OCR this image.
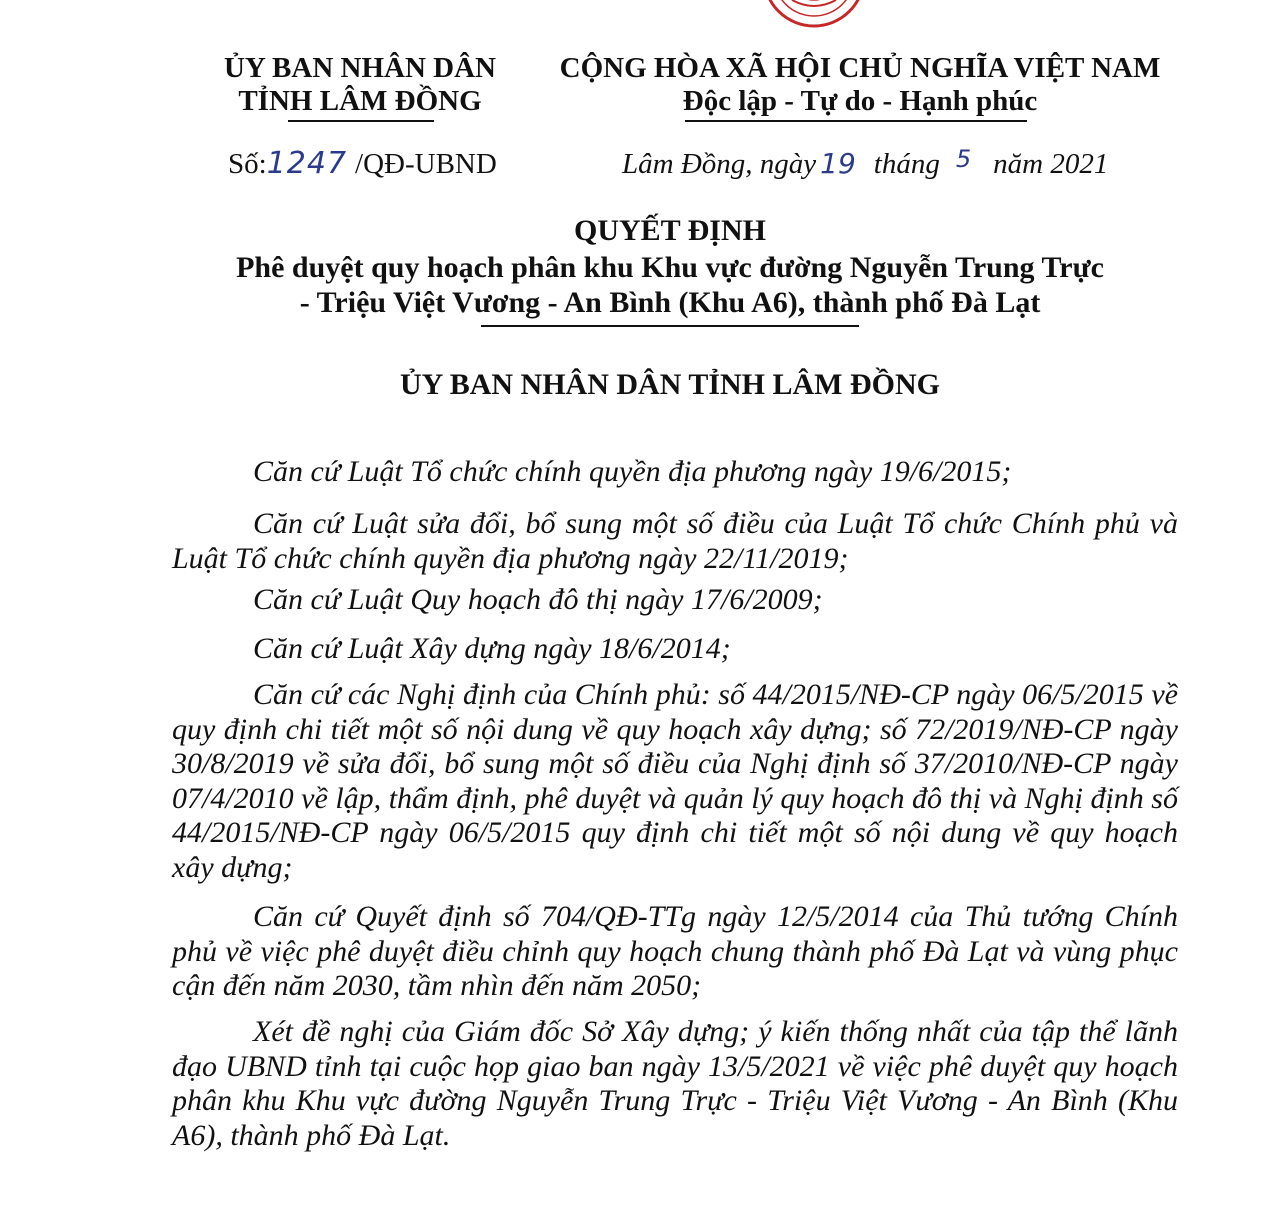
ỦY BAN NHÂN DÂN
TỈNH LÂM ĐỒNG
CỘNG HÒA XÃ HỘI CHỦ NGHĨA VIỆT NAM
Độc lập - Tự do - Hạnh phúc
Số:1247 /QĐ-UBND	Lâm Đồng, ngày 19 tháng $^5$ năm 2021
QUYẾT ĐỊNH
Phê duyệt quy hoạch phân khu Khu vực đường Nguyễn Trung Trực
- Triệu Việt Vương - An Bình (Khu A6), thành phố Đà Lạt
ỦY BAN NHÂN DÂN TỈNH LÂM ĐỒNG
Căn cứ Luật Tổ chức chính quyền địa phương ngày 19/6/2015;
Căn cứ Luật sửa đổi, bổ sung một số điều của Luật Tổ chức Chính phủ và Luật Tổ chức chính quyền địa phương ngày 22/11/2019;
Căn cứ Luật Quy hoạch đô thị ngày 17/6/2009;
Căn cứ Luật Xây dựng ngày 18/6/2014;
Căn cứ các Nghị định của Chính phủ: số 44/2015/NĐ-CP ngày 06/5/2015 về quy định chi tiết một số nội dung về quy hoạch xây dựng; số 72/2019/NĐ-CP ngày 30/8/2019 về sửa đổi, bổ sung một số điều của Nghị định số 37/2010/NĐ-CP ngày 07/4/2010 về lập, thẩm định, phê duyệt và quản lý quy hoạch đô thị và Nghị định số 44/2015/NĐ-CP ngày 06/5/2015 quy định chi tiết một số nội dung về quy hoạch xây dựng;
Căn cứ Quyết định số 704/QĐ-TTg ngày 12/5/2014 của Thủ tướng Chính phủ về việc phê duyệt điều chỉnh quy hoạch chung thành phố Đà Lạt và vùng phục cận đến năm 2030, tầm nhìn đến năm 2050;
Xét đề nghị của Giám đốc Sở Xây dựng; ý kiến thống nhất của tập thể lãnh đạo UBND tỉnh tại cuộc họp giao ban ngày 13/5/2021 về việc phê duyệt quy hoạch phân khu Khu vực đường Nguyễn Trung Trực - Triệu Việt Vương - An Bình (Khu A6), thành phố Đà Lạt.
